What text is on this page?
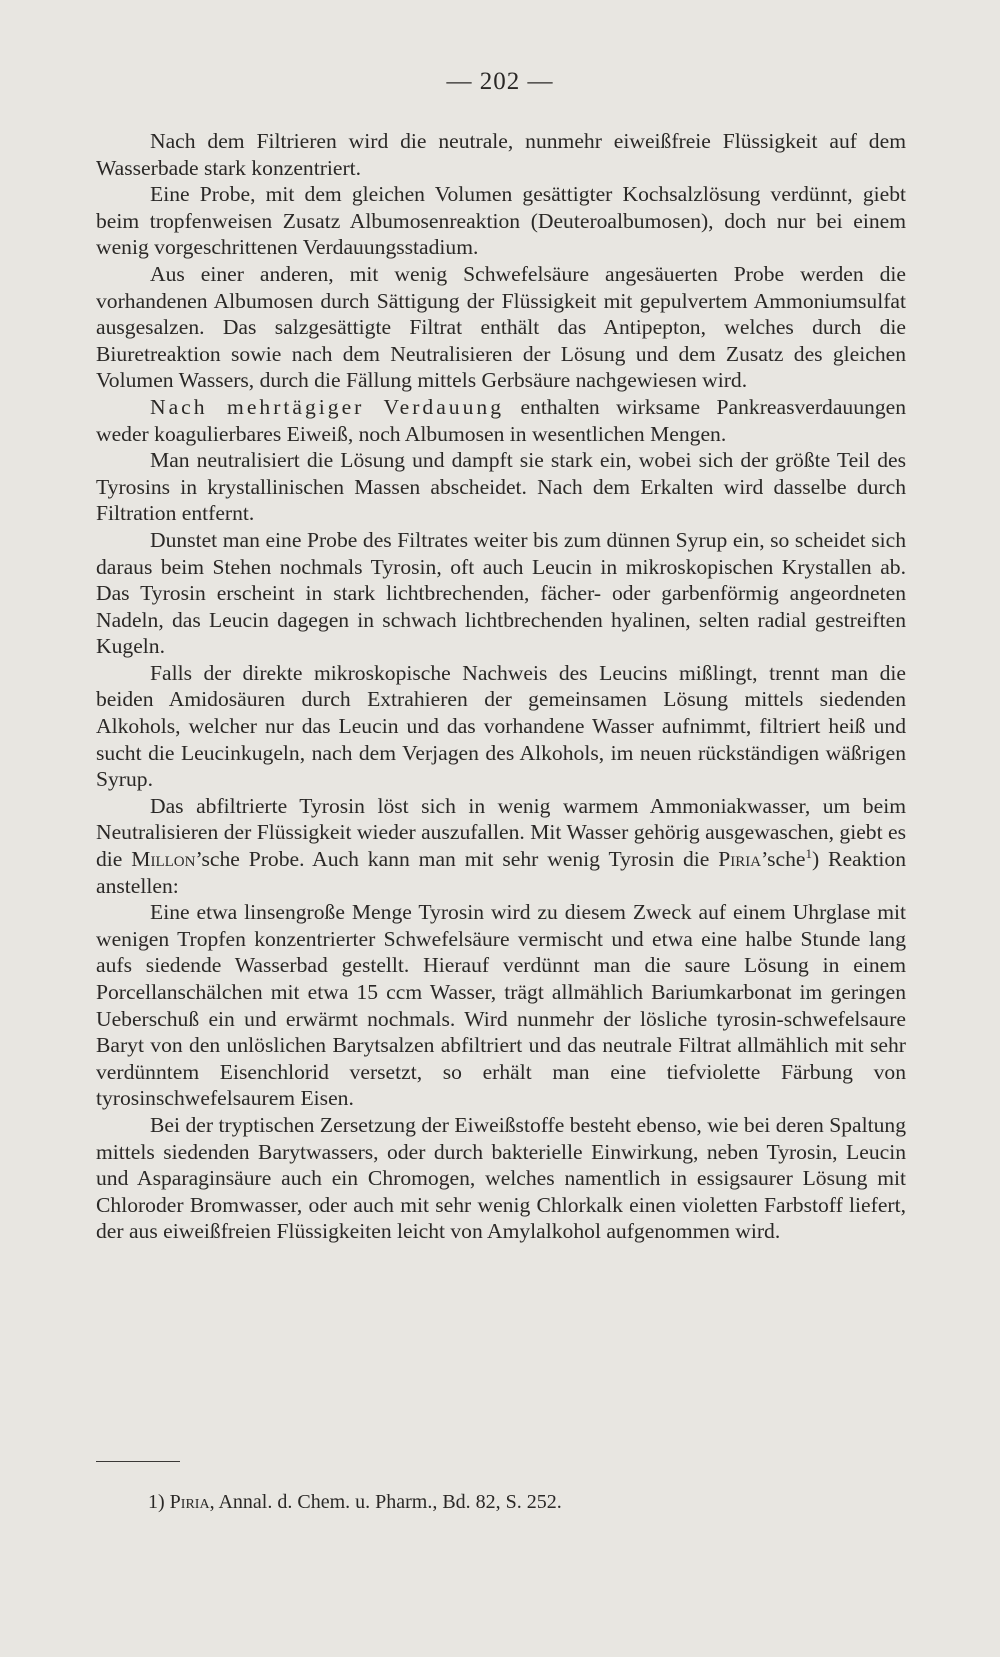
— 202 —

Nach dem Filtrieren wird die neutrale, nunmehr eiweißfreie Flüssigkeit auf dem Wasserbade stark konzentriert.

Eine Probe, mit dem gleichen Volumen gesättigter Kochsalzlösung verdünnt, giebt beim tropfenweisen Zusatz Albumosenreaktion (Deuteroalbumosen), doch nur bei einem wenig vorgeschrittenen Verdauungsstadium.

Aus einer anderen, mit wenig Schwefelsäure angesäuerten Probe werden die vorhandenen Albumosen durch Sättigung der Flüssigkeit mit gepulvertem Ammoniumsulfat ausgesalzen. Das salzgesättigte Filtrat enthält das Antipepton, welches durch die Biuretreaktion sowie nach dem Neutralisieren der Lösung und dem Zusatz des gleichen Volumen Wassers, durch die Fällung mittels Gerbsäure nachgewiesen wird.

Nach mehrtägiger Verdauung enthalten wirksame Pankreasverdauungen weder koagulierbares Eiweiß, noch Albumosen in wesentlichen Mengen.

Man neutralisiert die Lösung und dampft sie stark ein, wobei sich der größte Teil des Tyrosins in krystallinischen Massen abscheidet. Nach dem Erkalten wird dasselbe durch Filtration entfernt.

Dunstet man eine Probe des Filtrates weiter bis zum dünnen Syrup ein, so scheidet sich daraus beim Stehen nochmals Tyrosin, oft auch Leucin in mikroskopischen Krystallen ab. Das Tyrosin erscheint in stark lichtbrechenden, fächer- oder garbenförmig angeordneten Nadeln, das Leucin dagegen in schwach lichtbrechenden hyalinen, selten radial gestreiften Kugeln.

Falls der direkte mikroskopische Nachweis des Leucins mißlingt, trennt man die beiden Amidosäuren durch Extrahieren der gemeinsamen Lösung mittels siedenden Alkohols, welcher nur das Leucin und das vorhandene Wasser aufnimmt, filtriert heiß und sucht die Leucinkugeln, nach dem Verjagen des Alkohols, im neuen rückständigen wäßrigen Syrup.

Das abfiltrierte Tyrosin löst sich in wenig warmem Ammoniakwasser, um beim Neutralisieren der Flüssigkeit wieder auszufallen. Mit Wasser gehörig ausgewaschen, giebt es die Millon’sche Probe. Auch kann man mit sehr wenig Tyrosin die Piria’sche$^1$) Reaktion anstellen:

Eine etwa linsengroße Menge Tyrosin wird zu diesem Zweck auf einem Uhrglase mit wenigen Tropfen konzentrierter Schwefelsäure vermischt und etwa eine halbe Stunde lang aufs siedende Wasserbad gestellt. Hierauf verdünnt man die saure Lösung in einem Porcellanschälchen mit etwa 15 ccm Wasser, trägt allmählich Bariumkarbonat im geringen Ueberschuß ein und erwärmt nochmals. Wird nunmehr der lösliche tyrosin-schwefelsaure Baryt von den unlöslichen Barytsalzen abfiltriert und das neutrale Filtrat allmählich mit sehr verdünntem Eisenchlorid versetzt, so erhält man eine tiefviolette Färbung von tyrosinschwefelsaurem Eisen.

Bei der tryptischen Zersetzung der Eiweißstoffe besteht ebenso, wie bei deren Spaltung mittels siedenden Barytwassers, oder durch bakterielle Einwirkung, neben Tyrosin, Leucin und Asparaginsäure auch ein Chromogen, welches namentlich in essigsaurer Lösung mit Chloroder Bromwasser, oder auch mit sehr wenig Chlorkalk einen violetten Farbstoff liefert, der aus eiweißfreien Flüssigkeiten leicht von Amylalkohol aufgenommen wird.

1) Piria, Annal. d. Chem. u. Pharm., Bd. 82, S. 252.
